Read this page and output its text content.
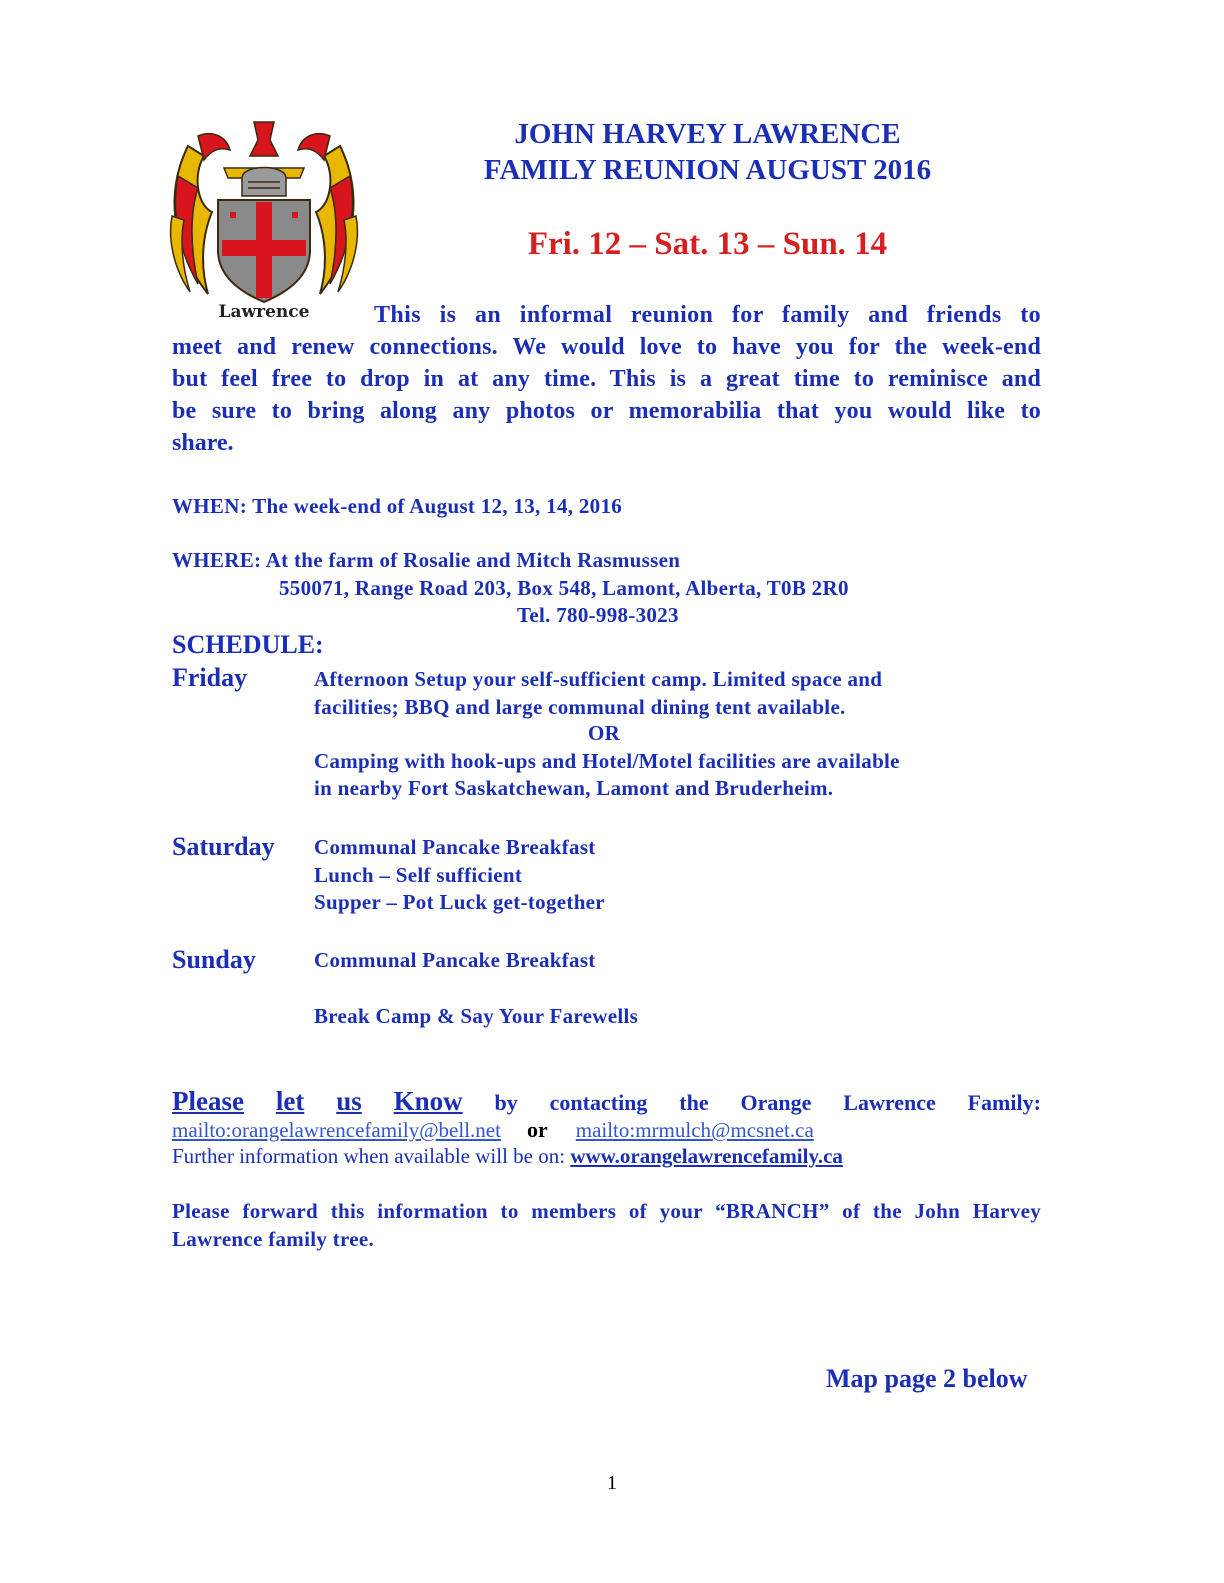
Lawrence
JOHN HARVEY LAWRENCE
FAMILY REUNION AUGUST 2016
Fri. 12 – Sat. 13 – Sun. 14
This is an informal reunion for family and friends to
meet and renew connections. We would love to have you for the week-end
but feel free to drop in at any time. This is a great time to reminisce and
be sure to bring along any photos or memorabilia that you would like to
share.
WHEN: The week-end of August 12, 13, 14, 2016
WHERE: At the farm of Rosalie and Mitch Rasmussen
550071, Range Road 203, Box 548, Lamont, Alberta, T0B 2R0
Tel. 780-998-3023
SCHEDULE:
Friday	Afternoon Setup your self-sufficient camp. Limited space and
facilities; BBQ and large communal dining tent available.
OR
Camping with hook-ups and Hotel/Motel facilities are available
in nearby Fort Saskatchewan, Lamont and Bruderheim.
Saturday Communal Pancake Breakfast
Lunch – Self sufficient
Supper – Pot Luck get-together
Sunday	Communal Pancake Breakfast
Break Camp & Say Your Farewells
Please let us Know by contacting the Orange Lawrence Family:
mailto:orangelawrencefamily@bell.net or mailto:mrmulch@mcsnet.ca
Further information when available will be on: www.orangelawrencefamily.ca
Please forward this information to members of your “BRANCH” of the John Harvey
Lawrence family tree.
Map page 2 below
1
